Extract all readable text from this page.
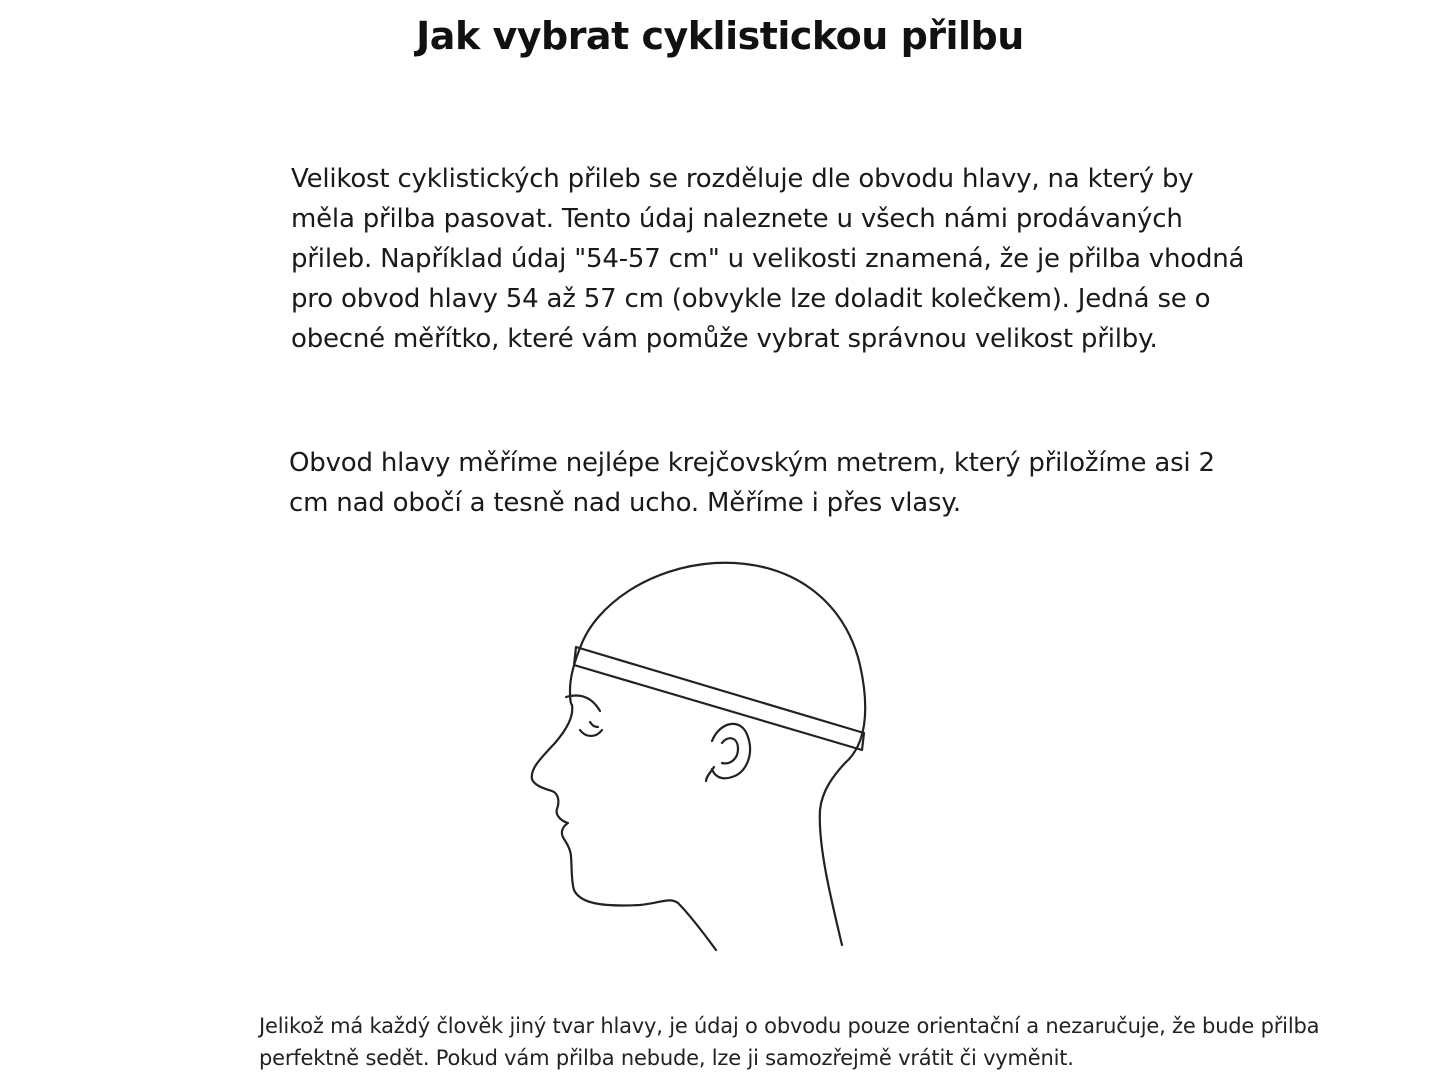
Jak vybrat cyklistickou přilbu

Velikost cyklistických přileb se rozděluje dle obvodu hlavy, na který by měla přilba pasovat. Tento údaj naleznete u všech námi prodávaných přileb. Například údaj "54-57 cm" u velikosti znamená, že je přilba vhodná pro obvod hlavy 54 až 57 cm (obvykle lze doladit kolečkem). Jedná se o obecné měřítko, které vám pomůže vybrat správnou velikost přilby.

Obvod hlavy měříme nejlépe krejčovským metrem, který přiložíme asi 2 cm nad obočí a tesně nad ucho. Měříme i přes vlasy.

Jelikož má každý člověk jiný tvar hlavy, je údaj o obvodu pouze orientační a nezaručuje, že bude přilba perfektně sedět. Pokud vám přilba nebude, lze ji samozřejmě vrátit či vyměnit.
